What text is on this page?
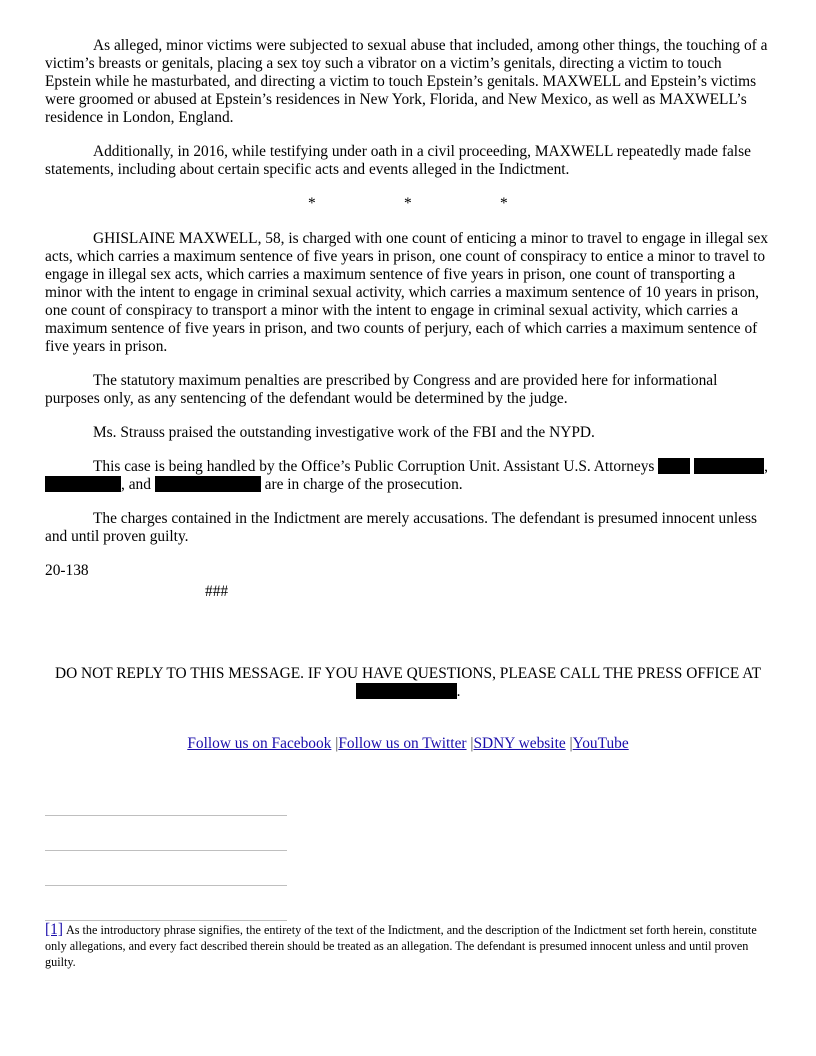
As alleged, minor victims were subjected to sexual abuse that included, among other things, the touching of a victim’s breasts or genitals, placing a sex toy such a vibrator on a victim’s genitals, directing a victim to touch Epstein while he masturbated, and directing a victim to touch Epstein’s genitals. MAXWELL and Epstein’s victims were groomed or abused at Epstein’s residences in New York, Florida, and New Mexico, as well as MAXWELL’s residence in London, England.

Additionally, in 2016, while testifying under oath in a civil proceeding, MAXWELL repeatedly made false statements, including about certain specific acts and events alleged in the Indictment.

*	*	*

GHISLAINE MAXWELL, 58, is charged with one count of enticing a minor to travel to engage in illegal sex acts, which carries a maximum sentence of five years in prison, one count of conspiracy to entice a minor to travel to engage in illegal sex acts, which carries a maximum sentence of five years in prison, one count of transporting a minor with the intent to engage in criminal sexual activity, which carries a maximum sentence of 10 years in prison, one count of conspiracy to transport a minor with the intent to engage in criminal sexual activity, which carries a maximum sentence of five years in prison, and two counts of perjury, each of which carries a maximum sentence of five years in prison.

The statutory maximum penalties are prescribed by Congress and are provided here for informational purposes only, as any sentencing of the defendant would be determined by the judge.

Ms. Strauss praised the outstanding investigative work of the FBI and the NYPD.

This case is being handled by the Office’s Public Corruption Unit. Assistant U.S. Attorneys	, , and	are in charge of the prosecution.

The charges contained in the Indictment are merely accusations. The defendant is presumed innocent unless and until proven guilty.

20-138

###

DO NOT REPLY TO THIS MESSAGE. IF YOU HAVE QUESTIONS, PLEASE CALL THE PRESS OFFICE AT .

Follow us on Facebook |Follow us on Twitter |SDNY website |YouTube

[1] As the introductory phrase signifies, the entirety of the text of the Indictment, and the description of the Indictment set forth herein, constitute only allegations, and every fact described therein should be treated as an allegation. The defendant is presumed innocent unless and until proven guilty.
